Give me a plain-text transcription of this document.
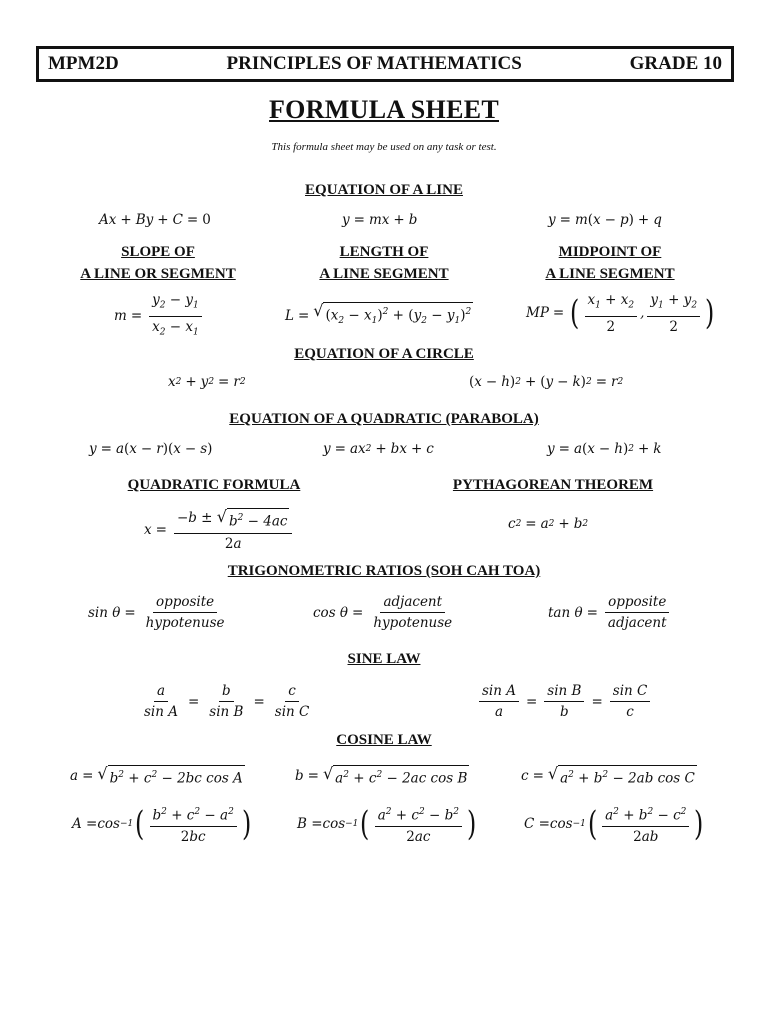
MPM2D	PRINCIPLES OF MATHEMATICS	GRADE 10
FORMULA SHEET
This formula sheet may be used on any task or test.
EQUATION OF A LINE
Ax + By + C = 0	y = mx + b	y = m ( x − p ) + q
SLOPE OF
A LINE OR SEGMENT
LENGTH OF
A LINE SEGMENT
MIDPOINT OF
A LINE SEGMENT
$m = \frac{y_2 - y_1}{x_2 - x_1}$	L = √ $(x_2 - x_1)^2 + (y_2 - y_1)^2$	MP = ( $\frac{x_1 + x_2}{2}$ , $\frac{y_1 + y_2}{2}$ )
EQUATION OF A CIRCLE
x 2 + y 2 = r 2	( x − h ) 2 + ( y − k ) 2 = r 2
EQUATION OF A QUADRATIC (PARABOLA)
y = a ( x − r )( x − s )	y = ax 2 + bx + c	y = a ( x − h ) 2 + k
QUADRATIC FORMULA	PYTHAGOREAN THEOREM
$x = \frac{-b \pm √ b^2 - 4ac}{2a}$	c 2 = a 2 + b 2
TRIGONOMETRIC RATIOS (SOH CAH TOA)
$\sin \theta = \frac{\text{opposite}}{\text{hypotenuse}}$	$\cos \theta = \frac{\text{adjacent}}{\text{hypotenuse}}$	$\tan \theta = \frac{\text{opposite}}{\text{adjacent}}$
SINE LAW
$\frac{a}{\text{sin A}} = \frac{b}{\text{sin B}} = \frac{c}{\text{sin C}}$	$\frac{\text{sin A}}{a} = \frac{\text{sin B}}{b} = \frac{\text{sin C}}{c}$
COSINE LAW
a = √ $b^2 + c^2 - 2bc$ cos A	b = √ $a^2 + c^2 - 2ac$ cos B	c = √ $a^2 + b^2 - 2ab$ cos C
A =cos −1 ( $\frac{b^2 + c^2 - a^2}{2bc}$ )	B =cos −1 ( $\frac{a^2 + c^2 - b^2}{2ac}$ )	C =cos −1 ( $\frac{a^2 + b^2 - c^2}{2ab}$ )
